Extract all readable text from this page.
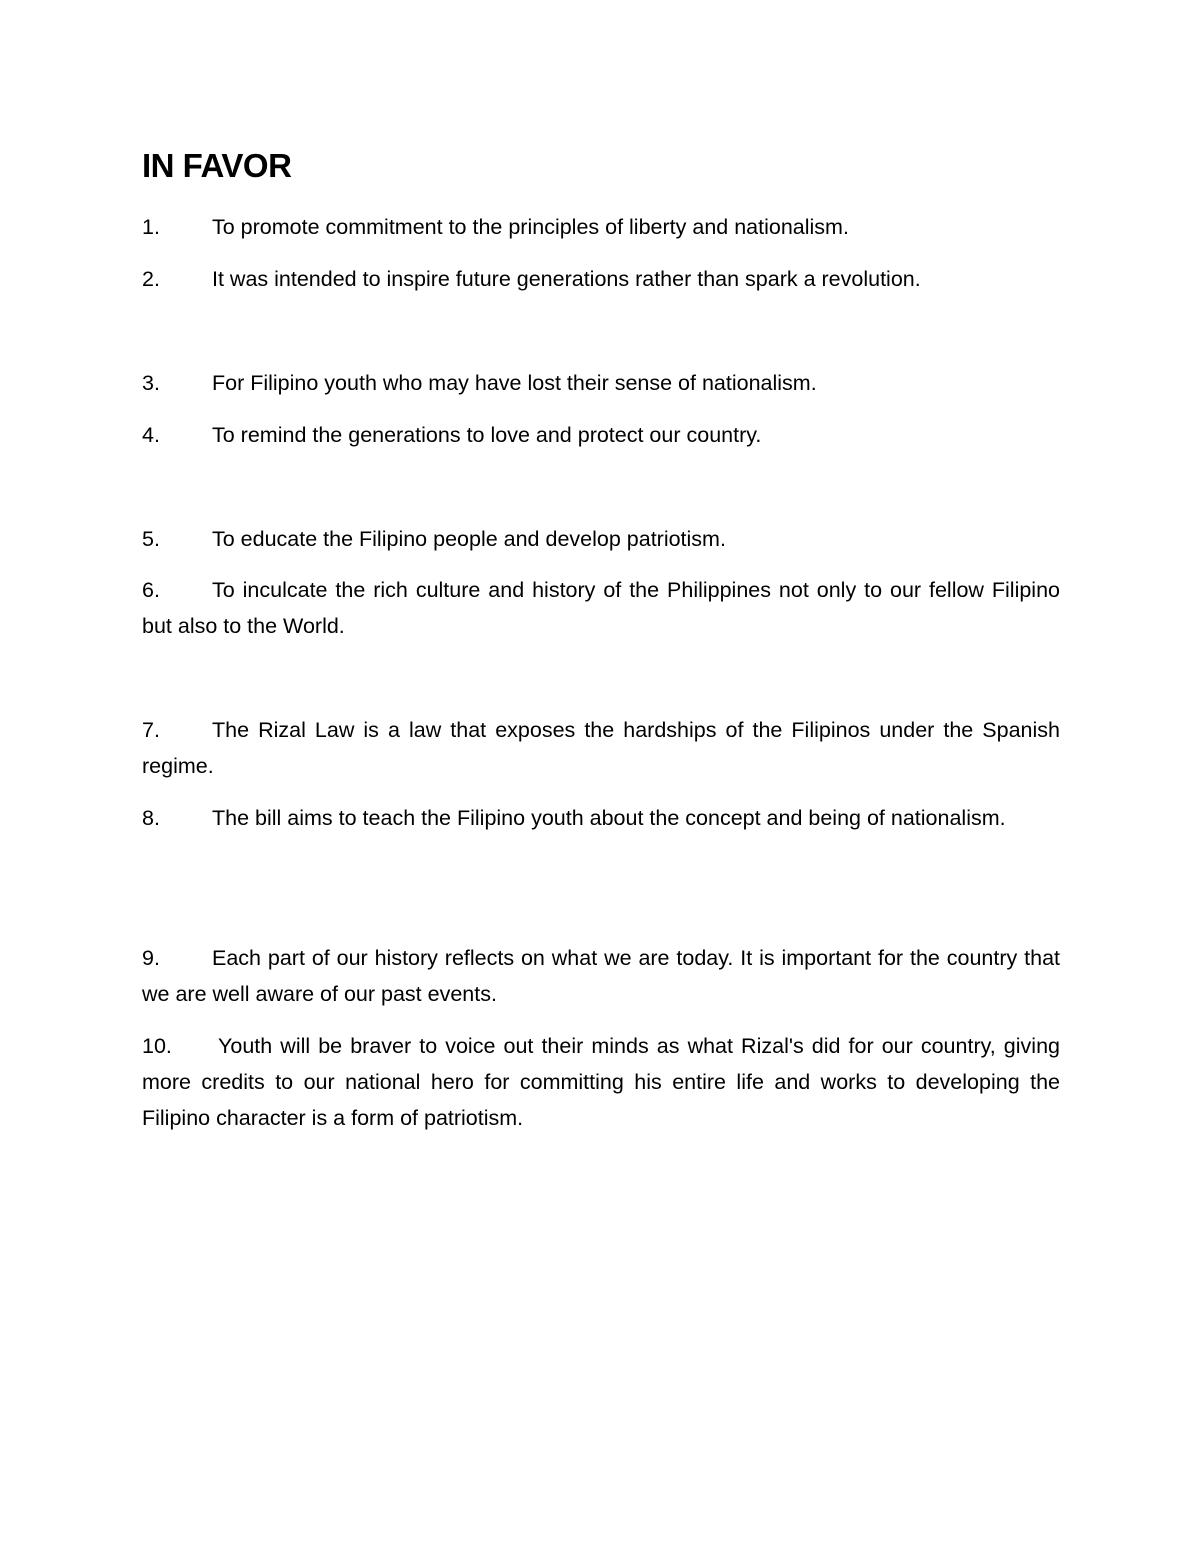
IN FAVOR

1. To promote commitment to the principles of liberty and nationalism.

2. It was intended to inspire future generations rather than spark a revolution.

3. For Filipino youth who may have lost their sense of nationalism.

4. To remind the generations to love and protect our country.

5. To educate the Filipino people and develop patriotism.

6. To inculcate the rich culture and history of the Philippines not only to our fellow Filipino but also to the World.

7. The Rizal Law is a law that exposes the hardships of the Filipinos under the Spanish regime.

8. The bill aims to teach the Filipino youth about the concept and being of nationalism.

9. Each part of our history reflects on what we are today. It is important for the country that we are well aware of our past events.

10. Youth will be braver to voice out their minds as what Rizal's did for our country, giving more credits to our national hero for committing his entire life and works to developing the Filipino character is a form of patriotism.
